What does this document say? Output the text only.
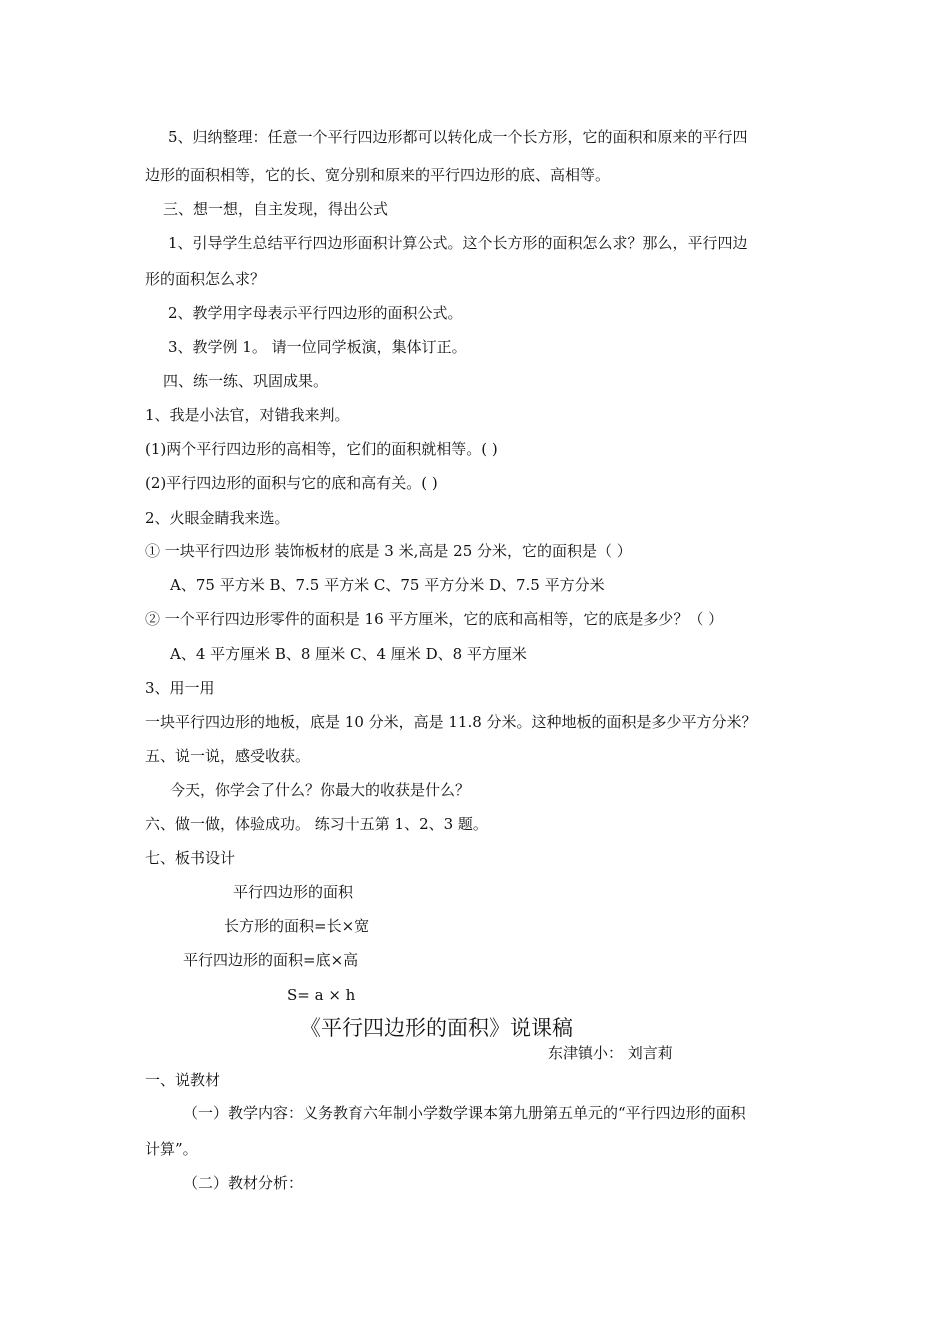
5、归纳整理：任意一个平行四边形都可以转化成一个长方形，它的面积和原来的平行四
边形的面积相等，它的长、宽分别和原来的平行四边形的底、高相等。
三、想一想，自主发现，得出公式
1、引导学生总结平行四边形面积计算公式。这个长方形的面积怎么求？那么，平行四边
形的面积怎么求？
2、教学用字母表示平行四边形的面积公式。
3、教学例 1。 请一位同学板演，集体订正。
四、练一练、巩固成果。
1、我是小法官，对错我来判。
(1)两个平行四边形的高相等，它们的面积就相等。( )
(2)平行四边形的面积与它的底和高有关。( )
2、火眼金睛我来选。
① 一块平行四边形 装饰板材的底是 3 米,高是 25 分米，它的面积是（ ）
A、75 平方米 B、7.5 平方米 C、75 平方分米 D、7.5 平方分米
② 一个平行四边形零件的面积是 16 平方厘米，它的底和高相等，它的底是多少？（ ）
A、4 平方厘米 B、8 厘米 C、4 厘米 D、8 平方厘米
3、用一用
一块平行四边形的地板，底是 10 分米，高是 11.8 分米。这种地板的面积是多少平方分米？
五、说一说，感受收获。
今天，你学会了什么？你最大的收获是什么？
六、做一做，体验成功。 练习十五第 1、2、3 题。
七、板书设计
平行四边形的面积
长方形的面积=长×宽
平行四边形的面积=底×高
S= a × h
《平行四边形的面积》说课稿
东津镇小： 刘言莉
一、说教材
（一）教学内容：义务教育六年制小学数学课本第九册第五单元的“平行四边形的面积
计算”。
（二）教材分析：
